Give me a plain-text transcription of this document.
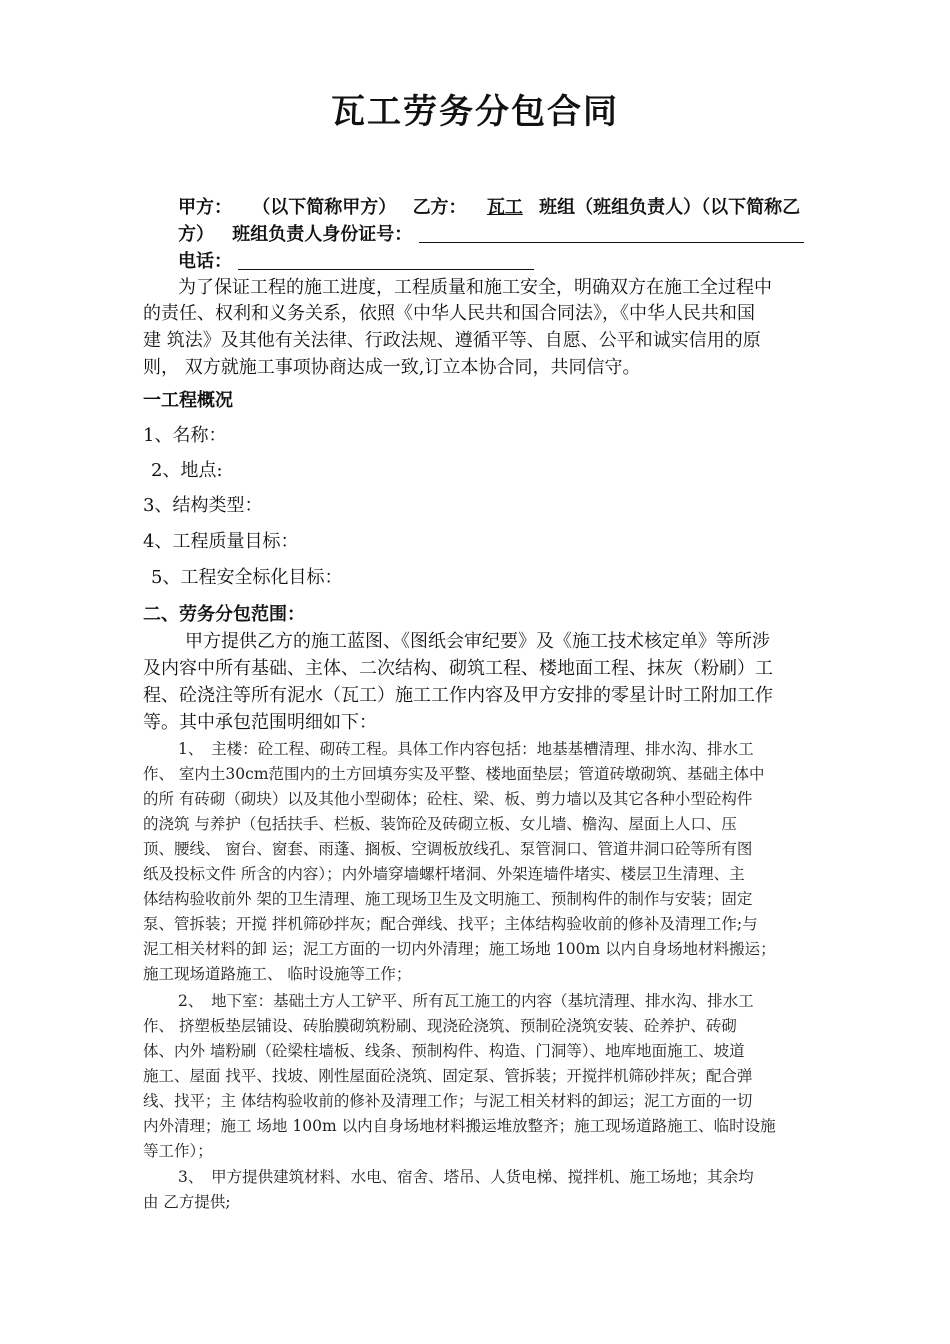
瓦工劳务分包合同
甲方： （以下简称甲方） 乙方： 瓦工 班组（班组负责人）（以下简称乙
方） 班组负责人身份证号：
电话：
为了保证工程的施工进度，工程质量和施工安全，明确双方在施工全过程中
的责任、权利和义务关系，依照《中华人民共和国合同法》，《中华人民共和国
建 筑法》及其他有关法律、行政法规、遵循平等、自愿、公平和诚实信用的原
则， 双方就施工事项协商达成一致,订立本协合同，共同信守。
一工程概况
1、名称：
2、地点:
3、结构类型：
4、工程质量目标：
5、工程安全标化目标：
二、劳务分包范围：
甲方提供乙方的施工蓝图、《图纸会审纪要》及《施工技术核定单》等所涉
及内容中所有基础、主体、二次结构、砌筑工程、楼地面工程、抹灰（粉刷）工
程、砼浇注等所有泥水（瓦工）施工工作内容及甲方安排的零星计时工附加工作
等。其中承包范围明细如下：
1、　主楼：砼工程、砌砖工程。具体工作内容包括：地基基槽清理、排水沟、排水工
作、 室内土30cm范围内的土方回填夯实及平整、楼地面垫层；管道砖墩砌筑、基础主体中
的所 有砖砌（砌块）以及其他小型砌体；砼柱、梁、板、剪力墙以及其它各种小型砼构件
的浇筑 与养护（包括扶手、栏板、装饰砼及砖砌立板、女儿墙、檐沟、屋面上人口、压
顶、腰线、 窗台、窗套、雨蓬、搁板、空调板放线孔、泵管洞口、管道井洞口砼等所有图
纸及投标文件 所含的内容）；内外墙穿墙螺杆堵洞、外架连墙件堵实、楼层卫生清理、主
体结构验收前外 架的卫生清理、施工现场卫生及文明施工、预制构件的制作与安装；固定
泵、管拆装；开搅 拌机筛砂拌灰；配合弹线、找平；主体结构验收前的修补及清理工作;与
泥工相关材料的卸 运；泥工方面的一切内外清理；施工场地 100m 以内自身场地材料搬运；
施工现场道路施工、 临时设施等工作；
2、　地下室：基础土方人工铲平、所有瓦工施工的内容（基坑清理、排水沟、排水工
作、 挤塑板垫层铺设、砖胎膜砌筑粉刷、现浇砼浇筑、预制砼浇筑安装、砼养护、砖砌
体、内外 墙粉刷（砼梁柱墙板、线条、预制构件、构造、门洞等）、地库地面施工、坡道
施工、屋面 找平、找坡、刚性屋面砼浇筑、固定泵、管拆装；开搅拌机筛砂拌灰；配合弹
线、找平；主 体结构验收前的修补及清理工作；与泥工相关材料的卸运；泥工方面的一切
内外清理；施工 场地 100m 以内自身场地材料搬运堆放整齐；施工现场道路施工、临时设施
等工作）；
3、　甲方提供建筑材料、水电、宿舍、塔吊、人货电梯、搅拌机、施工场地；其余均
由 乙方提供;
